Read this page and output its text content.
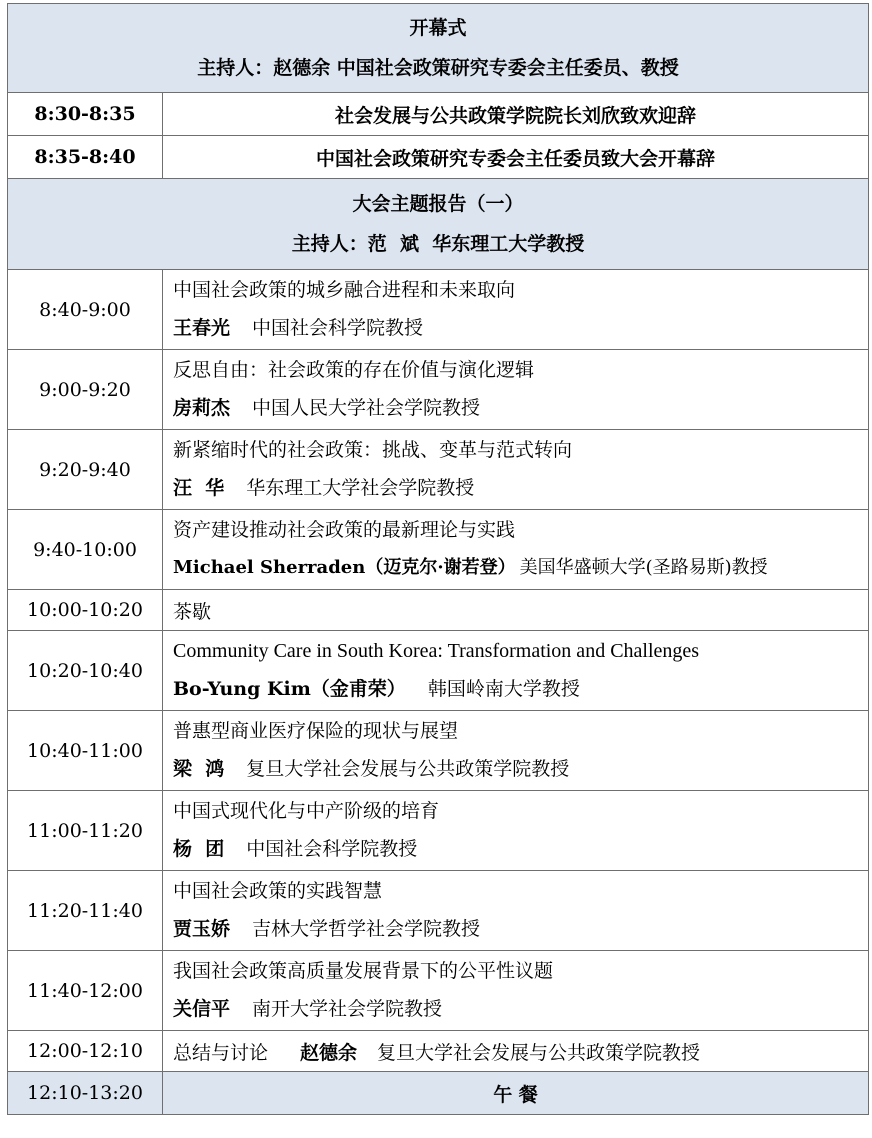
开幕式
主持人：赵德余 中国社会政策研究专委会主任委员、教授	

8:30-8:35	社会发展与公共政策学院院长刘欣致欢迎辞
8:35-8:40	中国社会政策研究专委会主任委员致大会开幕辞

大会主题报告（一）
主持人：范  斌  华东理工大学教授	

8:40-9:00	中国社会政策的城乡融合进程和未来取向
王春光 中国社会科学院教授

9:00-9:20	反思自由：社会政策的存在价值与演化逻辑
房莉杰 中国人民大学社会学院教授

9:20-9:40	新紧缩时代的社会政策：挑战、变革与范式转向
汪  华 华东理工大学社会学院教授

9:40-10:00	资产建设推动社会政策的最新理论与实践
Michael Sherraden（迈克尔·谢若登） 美国华盛顿大学(圣路易斯)教授

10:00-10:20	茶歇
10:20-10:40	Community Care in South Korea: Transformation and Challenges
Bo-Yung Kim（金甫荣） 韩国岭南大学教授

10:40-11:00	普惠型商业医疗保险的现状与展望
梁  鸿 复旦大学社会发展与公共政策学院教授

11:00-11:20	中国式现代化与中产阶级的培育
杨  团 中国社会科学院教授

11:20-11:40	中国社会政策的实践智慧
贾玉娇 吉林大学哲学社会学院教授

11:40-12:00	我国社会政策高质量发展背景下的公平性议题
关信平 南开大学社会学院教授

12:00-12:10	总结与讨论 赵德余 复旦大学社会发展与公共政策学院教授
12:10-13:20	午 餐
